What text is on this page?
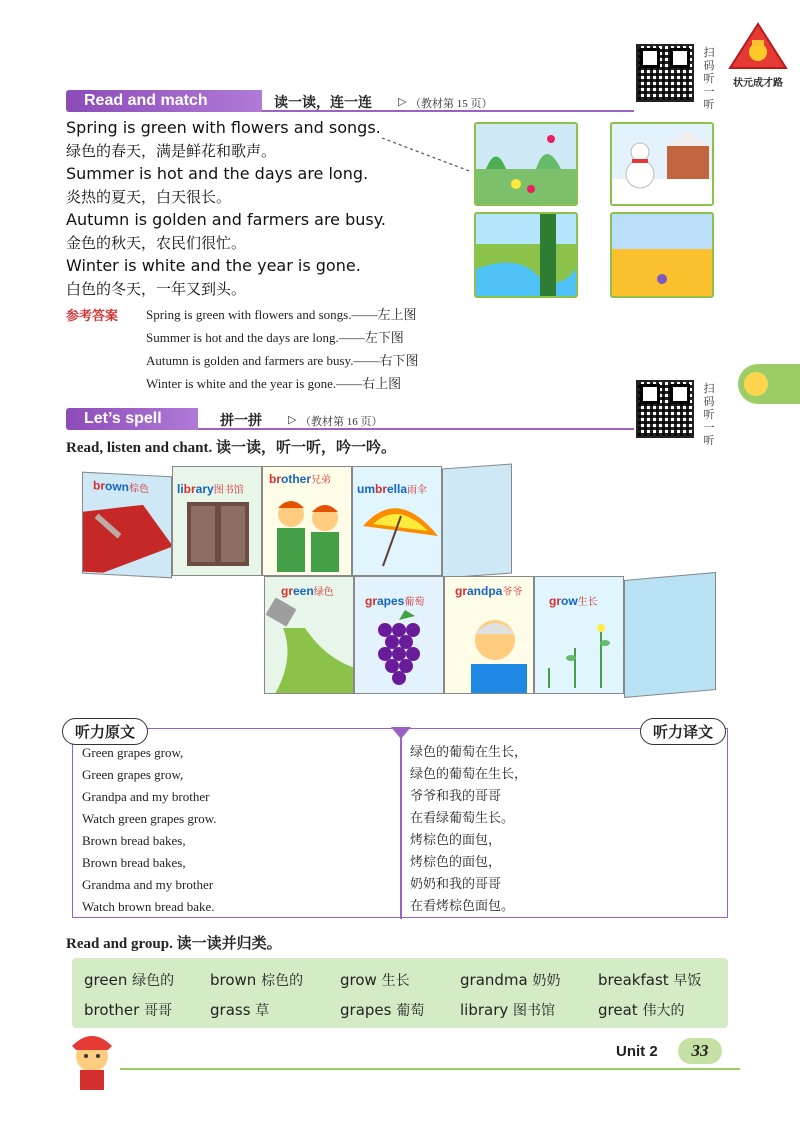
状元成才路
扫
码
听
一
听
Read and match	读一读，连一连 ▷ （教材第 15 页）
Spring is green with flowers and songs.
绿色的春天，满是鲜花和歌声。
Summer is hot and the days are long.
炎热的夏天，白天很长。
Autumn is golden and farmers are busy.
金色的秋天，农民们很忙。
Winter is white and the year is gone.
白色的冬天，一年又到头。
参考答案 Spring is green with flowers and songs.——左上图
Summer is hot and the days are long.——左下图
Autumn is golden and farmers are busy.——右下图
Winter is white and the year is gone.——右上图	扫
码
听
一
听
Let’s spell	拼一拼 ▷ （教材第 16 页）
Read, listen and chant. 读一读，听一听，吟一吟。
brown棕色	library图书馆
brother兄弟
umbrella雨伞
green绿色
grapes葡萄
grandpa爷爷
grow生长
听力原文	听力译文
Green grapes grow,
Green grapes grow,
Grandpa and my brother
Watch green grapes grow.
Brown bread bakes,
Brown bread bakes,
Grandma and my brother
Watch brown bread bake.
绿色的葡萄在生长，
绿色的葡萄在生长，
爷爷和我的哥哥
在看绿葡萄生长。
烤棕色的面包，
烤棕色的面包，
奶奶和我的哥哥
在看烤棕色面包。
Read and group. 读一读并归类。
green 绿色的 brown 棕色的 grow 生长	grandma 奶奶	breakfast 早饭
brother 哥哥	grass 草	grapes 葡萄 library 图书馆	great 伟大的
Unit 2	33
